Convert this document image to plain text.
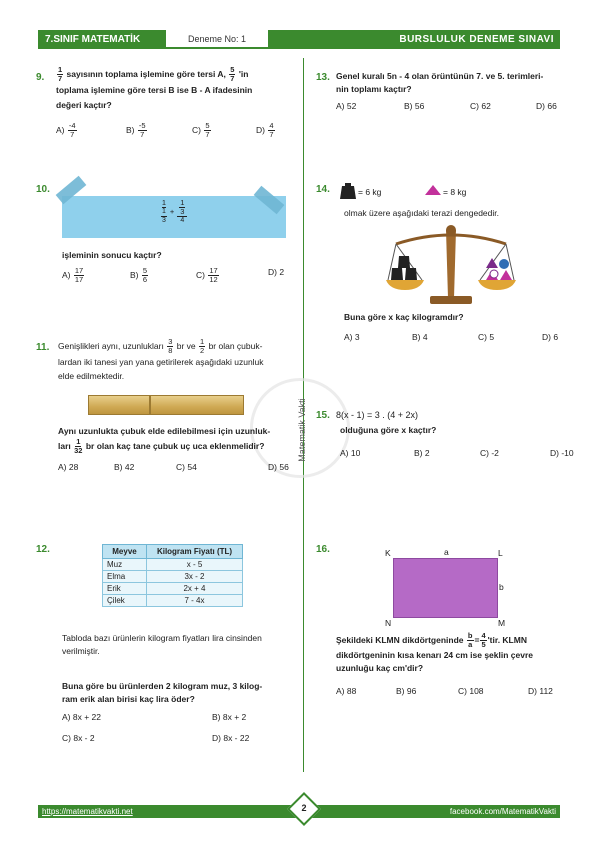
7.SINIF MATEMATİK	Deneme No: 1	BURSLULUK DENEME SINAVI
Matematik Vakti
9. $\frac{1}{7}$ sayısının toplama işlemine göre tersi A, $\frac{5}{7}$ 'in
toplama işlemine göre tersi B ise B - A ifadesinin
değeri kaçtır?
$A) \frac{-4}{7}$	$B) \frac{-5}{7}$	$C) \frac{5}{7}$	$D) \frac{4}{7}$
10.
1
$\frac{1}{3} + \frac{\frac{1}{3}}{4}$
işleminin sonucu kaçtır?
$A) \frac{17}{17}$	$B) \frac{5}{6}$	$C) \frac{17}{12}$	D) 2
11. Genişlikleri aynı, uzunlukları $\frac{3}{8}$ br ve $\frac{1}{2}$ br olan çubuk-
lardan iki tanesi yan yana getirilerek aşağıdaki uzunluk
elde edilmektedir.
Aynı uzunlukta çubuk elde edilebilmesi için uzunluk-
ları $\frac{1}{32}$ br olan kaç tane çubuk uç uca eklenmelidir?
A) 28	B) 42	C) 54	D) 56
12.	Meyve	Kilogram Fiyatı (TL)
Muz	x - 5
Elma	3x - 2
Erik	2x + 4
Çilek	7 - 4x
Tabloda bazı ürünlerin kilogram fiyatları lira cinsinden
verilmiştir.
Buna göre bu ürünlerden 2 kilogram muz, 3 kilog-
ram erik alan birisi kaç lira öder?
A) 8x + 22	B) 8x + 2
C) 8x - 2	D) 8x - 22
13. Genel kuralı 5n - 4 olan örüntünün 7. ve 5. terimleri-
nin toplamı kaçtır?
A) 52	B) 56	C) 62	D) 66
14.	= 6 kg	= 8 kg
olmak üzere aşağıdaki terazi dengededir.
x
Buna göre x kaç kilogramdır?
A) 3	B) 4	C) 5	D) 6
15. 8(x - 1) = 3 . (4 + 2x)
olduğuna göre x kaçtır?
A) 10	B) 2	C) -2	D) -10
16.	K	a	L
b
N	M
Şekildeki KLMN dikdörtgeninde $\frac{b}{a} = \frac{4}{5}$ 'tir. KLMN
dikdörtgeninin kısa kenarı 24 cm ise şeklin çevre
uzunluğu kaç cm'dir?
A) 88	B) 96	C) 108	D) 112
https://matematikvakti.net	facebook.com/MatematikVakti
2
